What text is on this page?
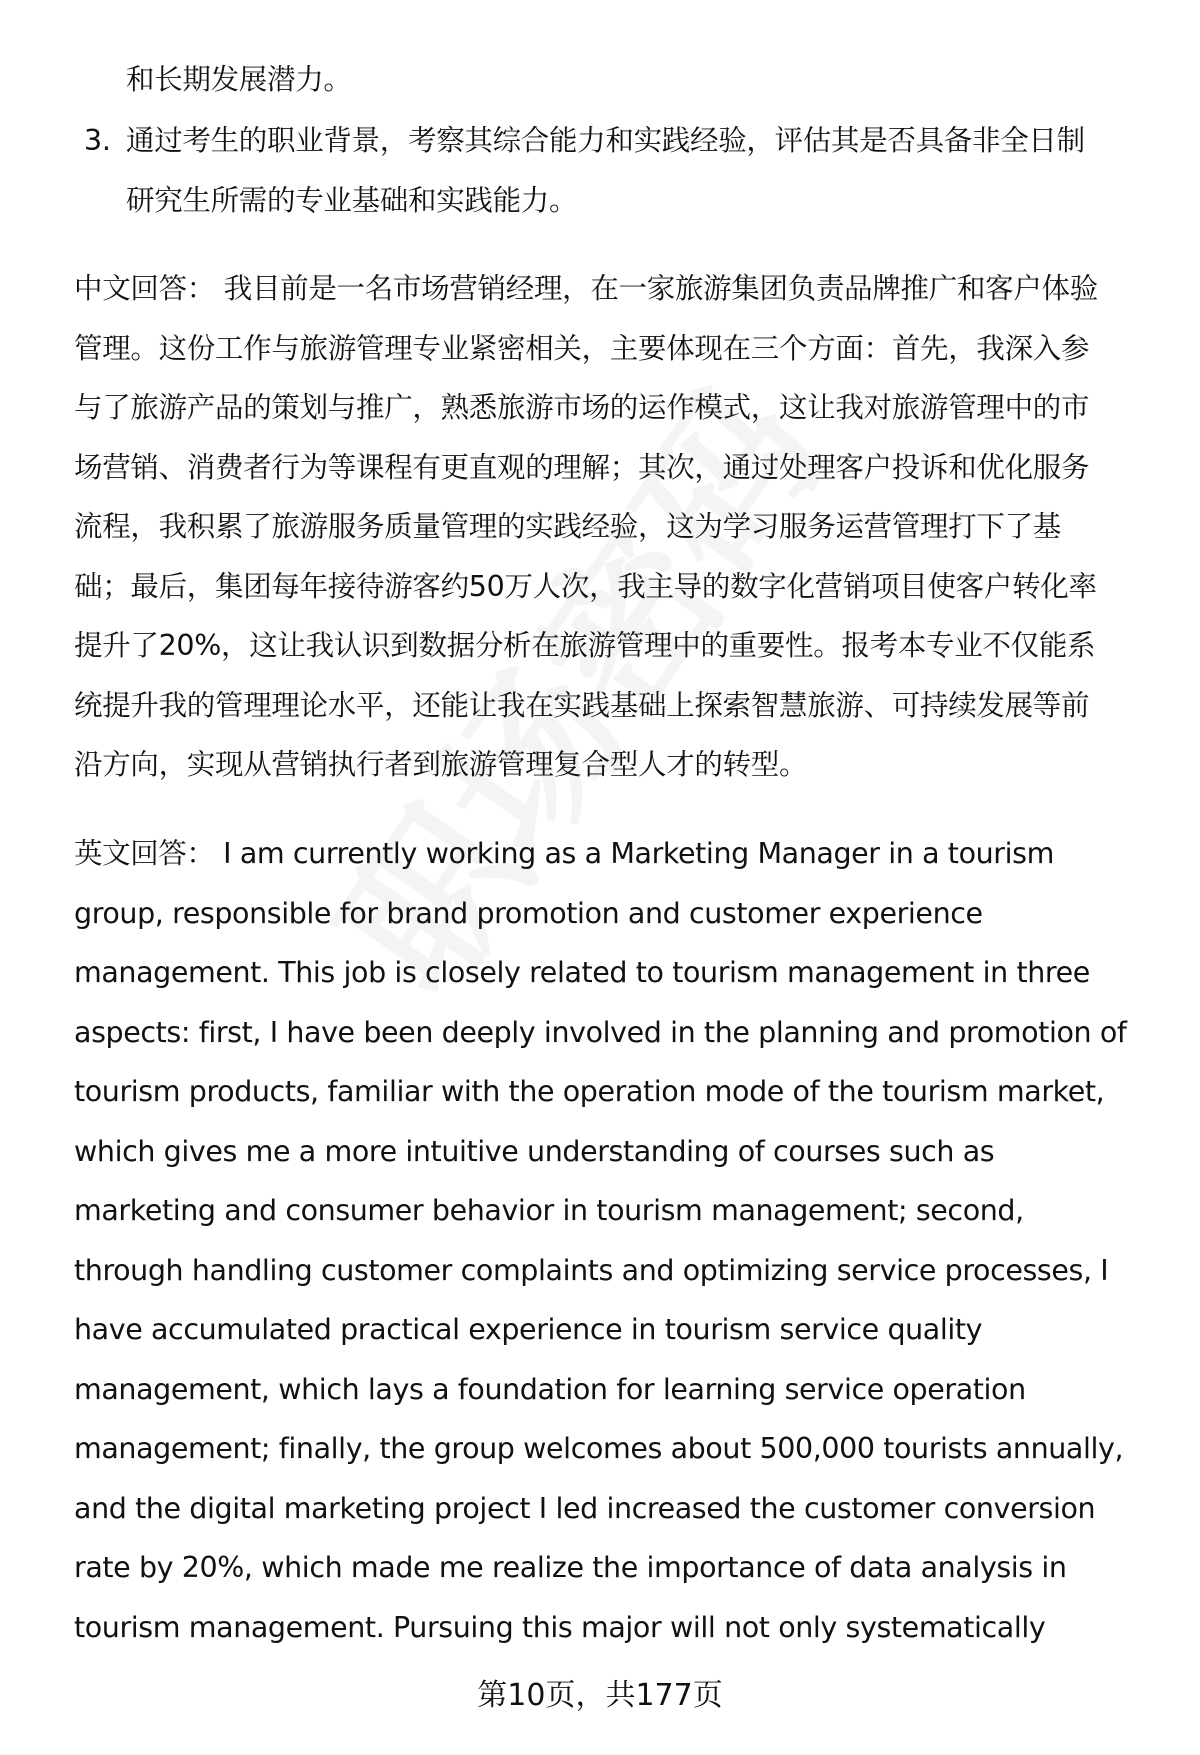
和长期发展潜力。
3. 通过考生的职业背景，考察其综合能力和实践经验，评估其是否具备非全日制
研究生所需的专业基础和实践能力。
中文回答： 我目前是一名市场营销经理，在一家旅游集团负责品牌推广和客户体验
管理。这份工作与旅游管理专业紧密相关，主要体现在三个方面：首先，我深入参
与了旅游产品的策划与推广，熟悉旅游市场的运作模式，这让我对旅游管理中的市
场营销、消费者行为等课程有更直观的理解；其次，通过处理客户投诉和优化服务
流程，我积累了旅游服务质量管理的实践经验，这为学习服务运营管理打下了基
础；最后，集团每年接待游客约50万人次，我主导的数字化营销项目使客户转化率
提升了20%，这让我认识到数据分析在旅游管理中的重要性。报考本专业不仅能系
统提升我的管理理论水平，还能让我在实践基础上探索智慧旅游、可持续发展等前
沿方向，实现从营销执行者到旅游管理复合型人才的转型。
英文回答： I am currently working as a Marketing Manager in a tourism
group, responsible for brand promotion and customer experience
management. This job is closely related to tourism management in three
aspects: first, I have been deeply involved in the planning and promotion of
tourism products, familiar with the operation mode of the tourism market,
which gives me a more intuitive understanding of courses such as
marketing and consumer behavior in tourism management; second,
through handling customer complaints and optimizing service processes, I
have accumulated practical experience in tourism service quality
management, which lays a foundation for learning service operation
management; finally, the group welcomes about 500,000 tourists annually,
and the digital marketing project I led increased the customer conversion
rate by 20%, which made me realize the importance of data analysis in
tourism management. Pursuing this major will not only systematically
第10页，共177页
